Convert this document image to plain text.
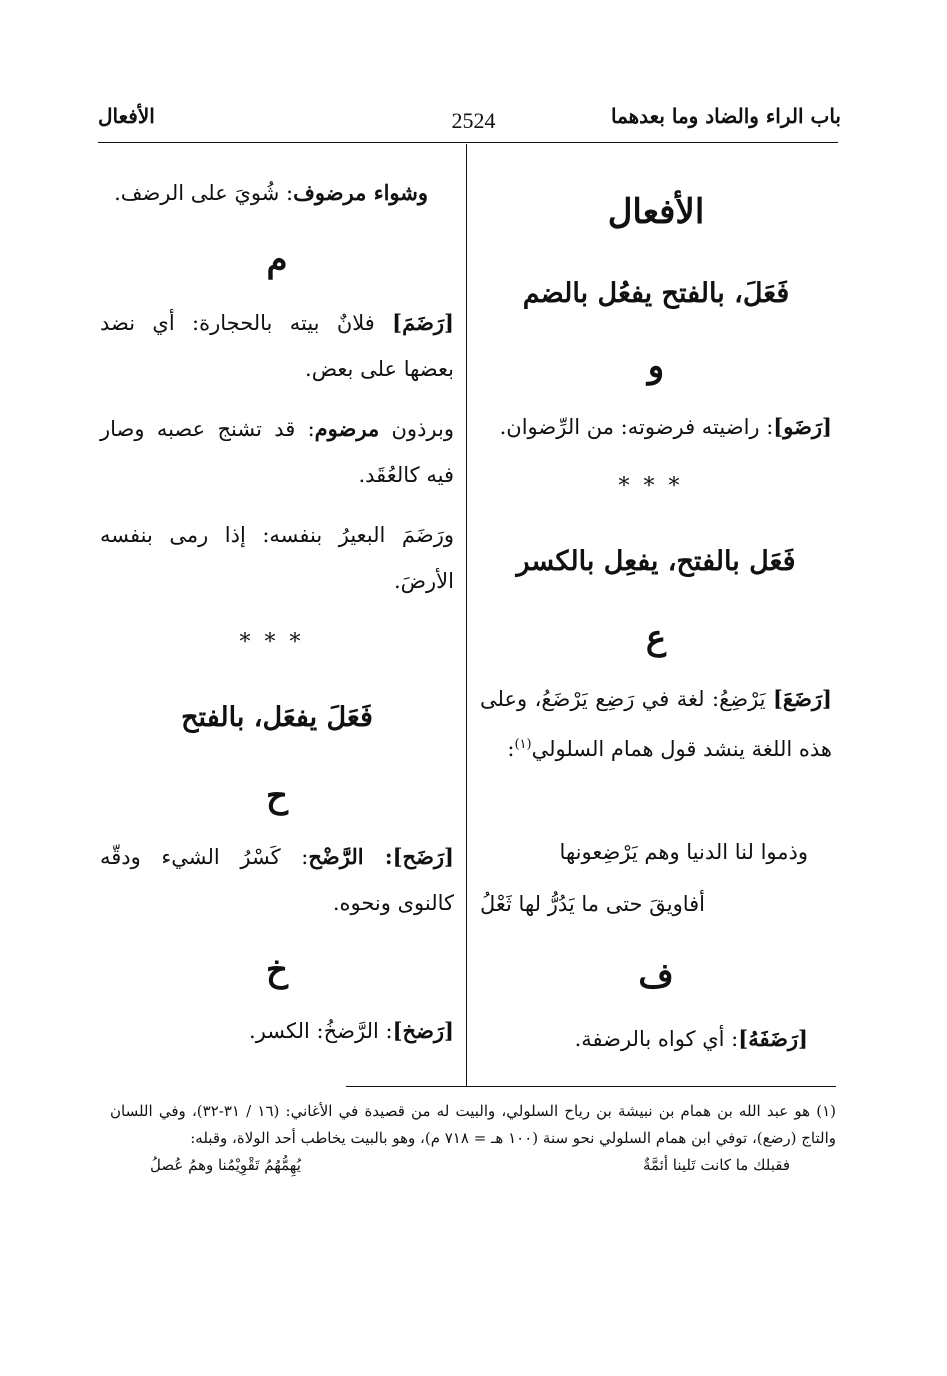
باب الراء والضاد وما بعدهما
2524
الأفعال
الأفعال
فَعَلَ، بالفتح يفعُل بالضم
و
[رَضَو]: راضيته فرضوته: من الرِّضوان.
***
فَعَل بالفتح، يفعِل بالكسر
ع
[رَضَعَ] يَرْضِعُ: لغة في رَضِع يَرْضَعُ، وعلى هذه اللغة ينشد قول همام السلولي$^{(١)}$:
وذموا لنا الدنيا وهم يَرْضِعونها
أفاويقَ حتى ما يَدُرُّ لها ثَعْلُ
ف
[رَضَفَهُ]: أي كواه بالرضفة.
وشواء مرضوف: شُويَ على الرضف.
م
[رَضَمَ] فلانٌ بيته بالحجارة: أي نضد بعضها على بعض.
وبرذون مرضوم: قد تشنج عصبه وصار فيه كالعُقَد.
ورَضَمَ البعيرُ بنفسه: إذا رمى بنفسه الأرضَ.
***
فَعَلَ يفعَل، بالفتح
ح
[رَضَح]: الرَّضْح: كَسْرُ الشيء ودقّه كالنوى ونحوه.
خ
[رَضخ]: الرَّضخُ: الكسر.
(١) هو عبد الله بن همام بن نبيشة بن رياح السلولي، والبيت له من قصيدة في الأغاني: (١٦ / ٣١-٣٢)، وفي اللسان والتاج (رضع)، توفي ابن همام السلولي نحو سنة (١٠٠ هـ = ٧١٨ م)، وهو بالبيت يخاطب أحد الولاة، وقبله:
فقبلك ما كانت تَلينا أئمَّةٌ
يُهِمُّهُمُ تَقْوِيْمُنا وهمُ عُصلُ
